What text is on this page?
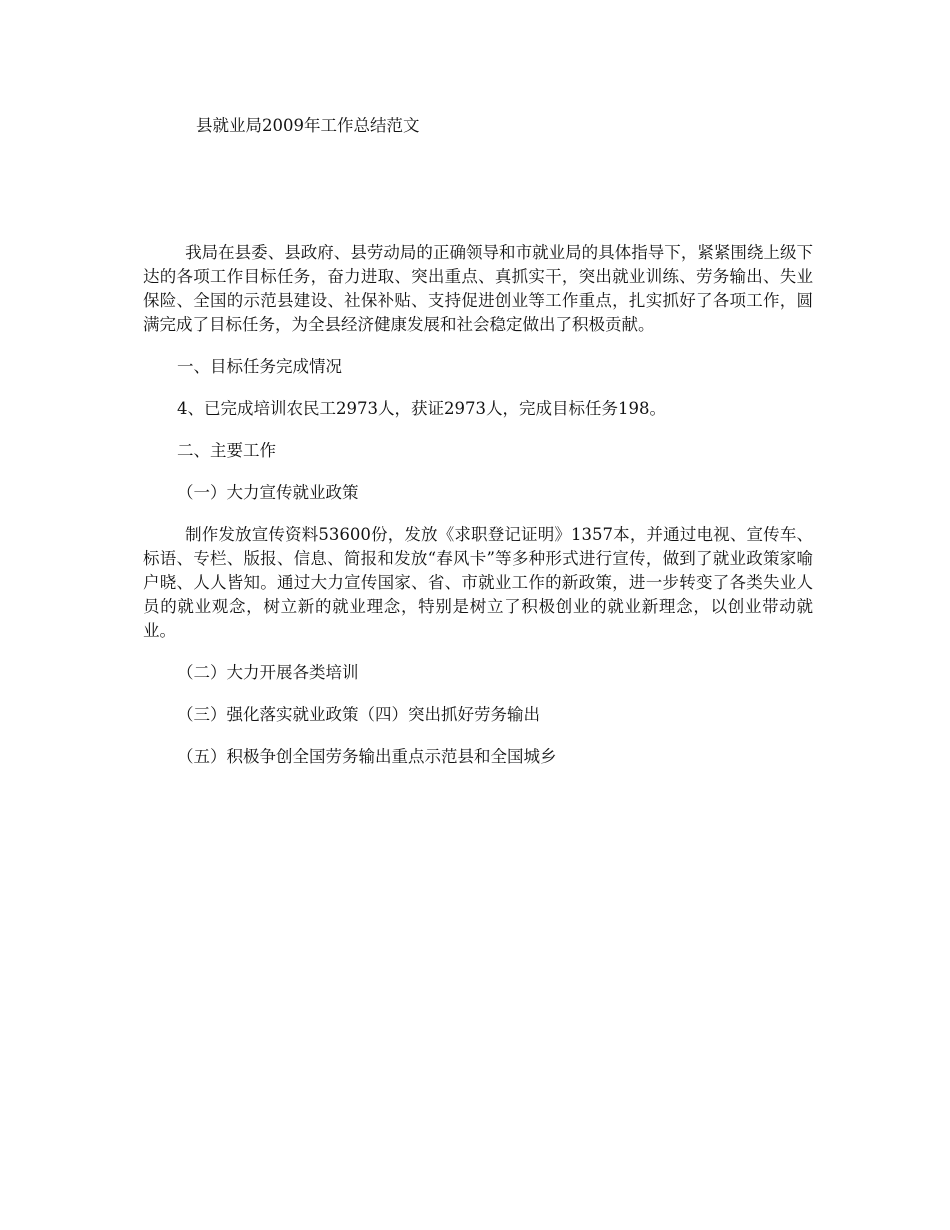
县就业局2009年工作总结范文

我局在县委、县政府、县劳动局的正确领导和市就业局的具体指导下，紧紧围绕上级下达的各项工作目标任务，奋力进取、突出重点、真抓实干，突出就业训练、劳务输出、失业保险、全国的示范县建设、社保补贴、支持促进创业等工作重点，扎实抓好了各项工作，圆满完成了目标任务，为全县经济健康发展和社会稳定做出了积极贡献。

一、目标任务完成情况

4、已完成培训农民工2973人，获证2973人，完成目标任务198。

二、主要工作

（一）大力宣传就业政策

制作发放宣传资料53600份，发放《求职登记证明》1357本，并通过电视、宣传车、标语、专栏、版报、信息、简报和发放“春风卡”等多种形式进行宣传，做到了就业政策家喻户晓、人人皆知。通过大力宣传国家、省、市就业工作的新政策，进一步转变了各类失业人员的就业观念，树立新的就业理念，特别是树立了积极创业的就业新理念，以创业带动就业。

（二）大力开展各类培训

（三）强化落实就业政策（四）突出抓好劳务输出

（五）积极争创全国劳务输出重点示范县和全国城乡
